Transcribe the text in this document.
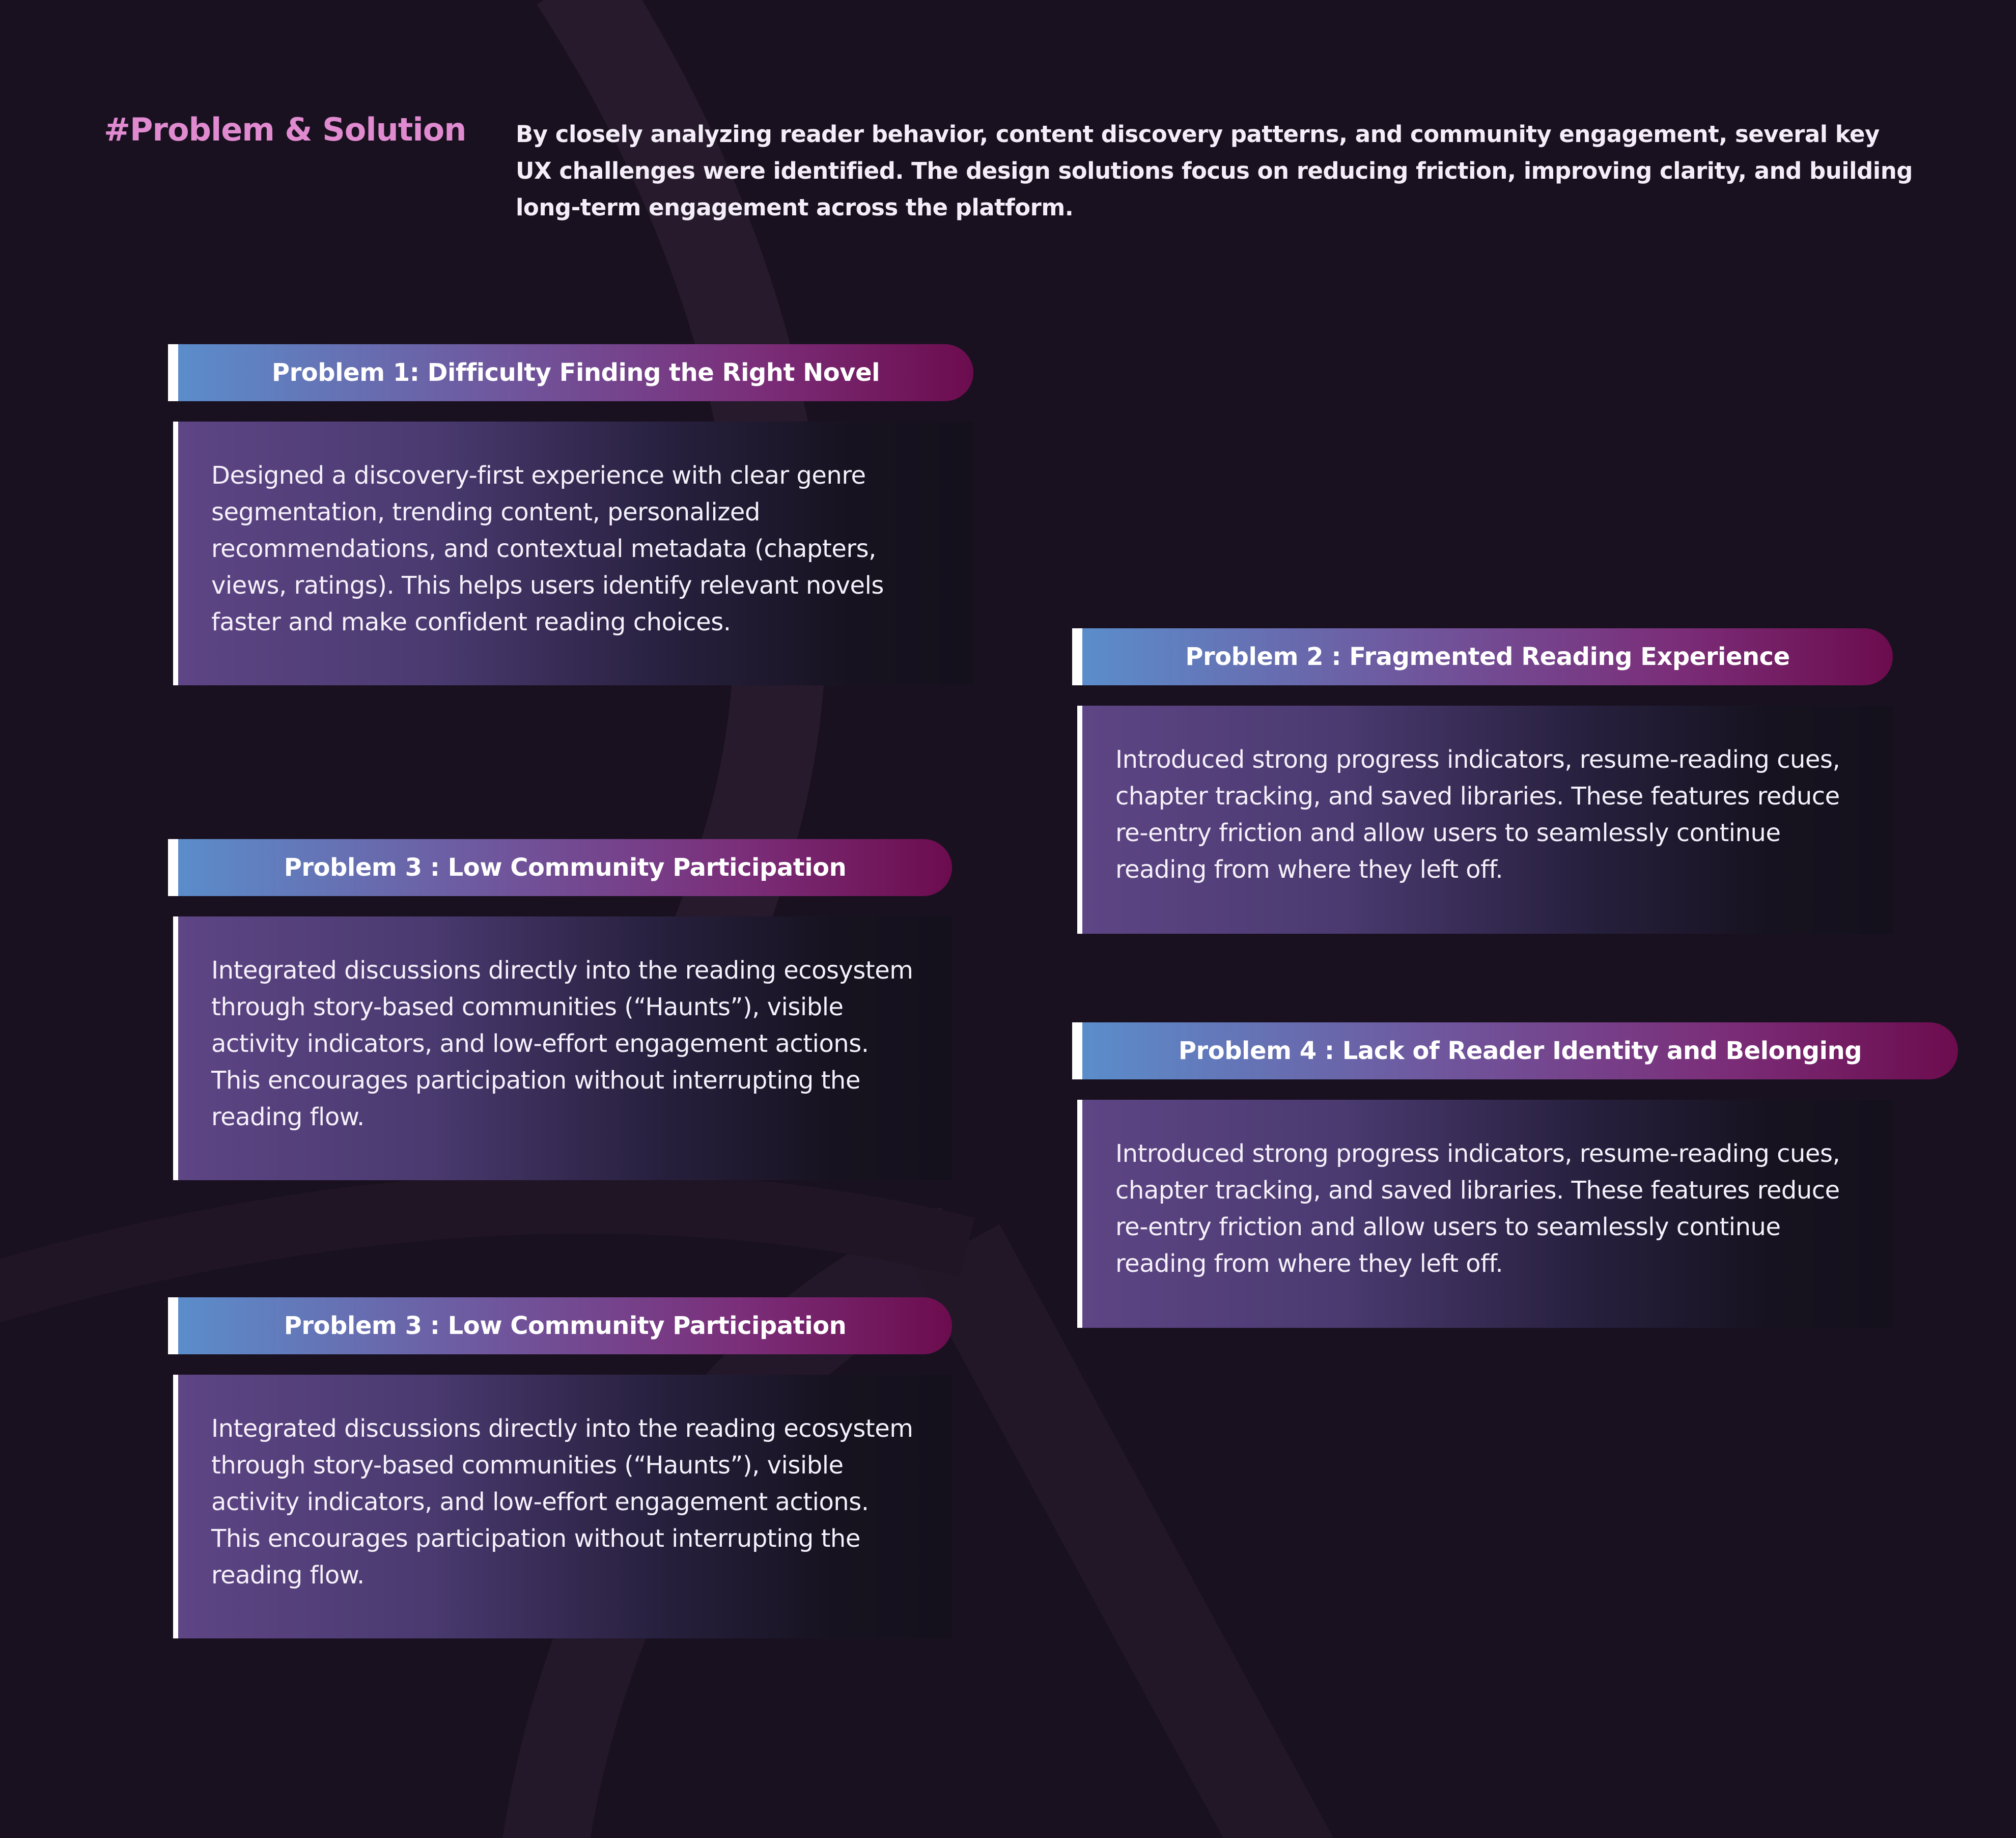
#Problem & Solution	By closely analyzing reader behavior, content discovery patterns, and community engagement, several key UX challenges were identified. The design solutions focus on reducing friction, improving clarity, and building long-term engagement across the platform.

Problem 1: Difficulty Finding the Right Novel

Designed a discovery-first experience with clear genre segmentation, trending content, personalized recommendations, and contextual metadata (chapters, views, ratings). This helps users identify relevant novels faster and make confident reading choices.

Problem 2 : Fragmented Reading Experience

Introduced strong progress indicators, resume-reading cues, chapter tracking, and saved libraries. These features reduce re-entry friction and allow users to seamlessly continue reading from where they left off.

Problem 3 : Low Community Participation

Integrated discussions directly into the reading ecosystem through story-based communities (“Haunts”), visible activity indicators, and low-effort engagement actions. This encourages participation without interrupting the reading flow.

Problem 4 : Lack of Reader Identity and Belonging

Introduced strong progress indicators, resume-reading cues, chapter tracking, and saved libraries. These features reduce re-entry friction and allow users to seamlessly continue reading from where they left off.

Problem 3 : Low Community Participation

Integrated discussions directly into the reading ecosystem through story-based communities (“Haunts”), visible activity indicators, and low-effort engagement actions. This encourages participation without interrupting the reading flow.
